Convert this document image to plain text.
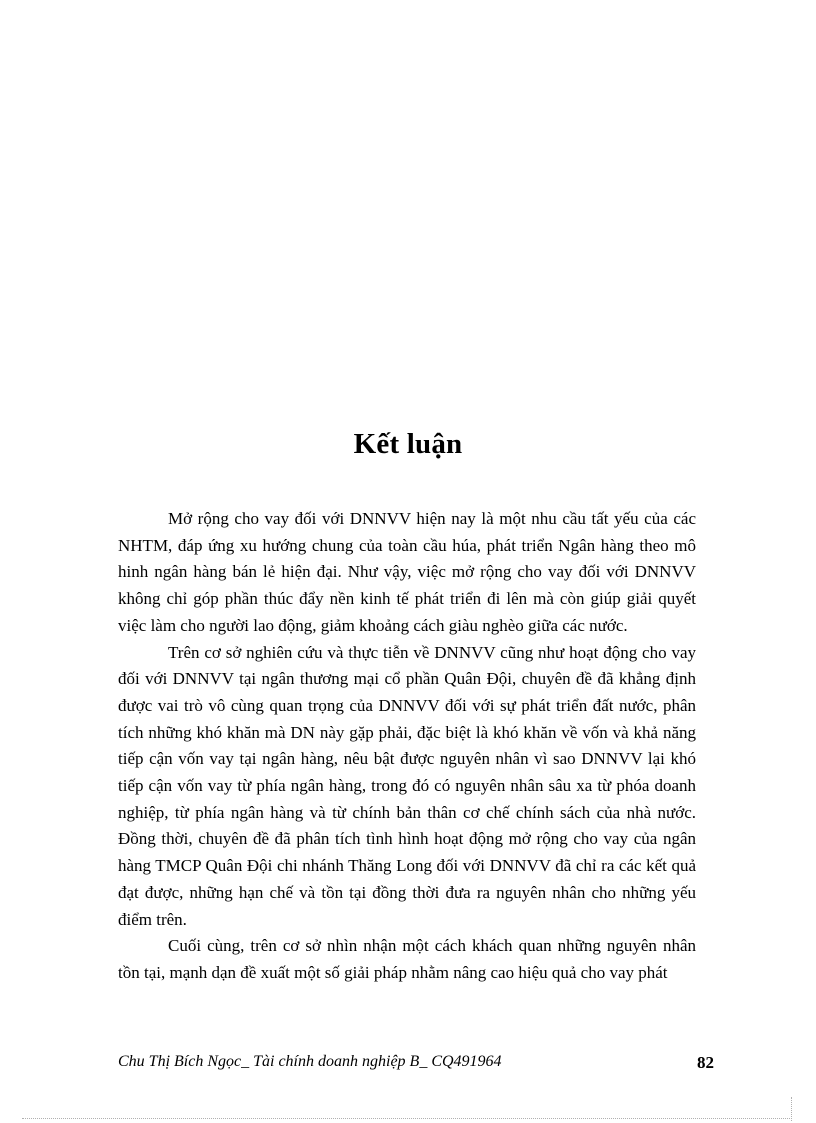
Kết luận

Mở rộng cho vay đối với DNNVV hiện nay là một nhu cầu tất yếu của các NHTM, đáp ứng xu hướng chung của toàn cầu húa, phát triển Ngân hàng theo mô hinh ngân hàng bán lẻ hiện đại. Như vậy, việc mở rộng cho vay đối với DNNVV không chỉ góp phần thúc đẩy nền kinh tế phát triển đi lên mà còn giúp giải quyết việc làm cho người lao động, giảm khoảng cách giàu nghèo giữa các nước.

Trên cơ sở nghiên cứu và thực tiễn về DNNVV cũng như hoạt động cho vay đối với DNNVV tại ngân thương mại cổ phần Quân Đội, chuyên đề đã khẳng định được vai trò vô cùng quan trọng của DNNVV đối với sự phát triển đất nước, phân tích những khó khăn mà DN này gặp phải, đặc biệt là khó khăn về vốn và khả năng tiếp cận vốn vay tại ngân hàng, nêu bật được nguyên nhân vì sao DNNVV lại khó tiếp cận vốn vay từ phía ngân hàng, trong đó có nguyên nhân sâu xa từ phóa doanh nghiệp, từ phía ngân hàng và từ chính bản thân cơ chế chính sách của nhà nước. Đồng thời, chuyên đề đã phân tích tình hình hoạt động mở rộng cho vay của ngân hàng TMCP Quân Đội chi nhánh Thăng Long đối với DNNVV đã chỉ ra các kết quả đạt được, những hạn chế và tồn tại đồng thời đưa ra nguyên nhân cho những yếu điểm trên.

Cuối cùng, trên cơ sở nhìn nhận một cách khách quan những nguyên nhân tồn tại, mạnh dạn đề xuất một số giải pháp nhằm nâng cao hiệu quả cho vay phát

Chu Thị Bích Ngọc_ Tài chính doanh nghiệp B_ CQ491964	82
